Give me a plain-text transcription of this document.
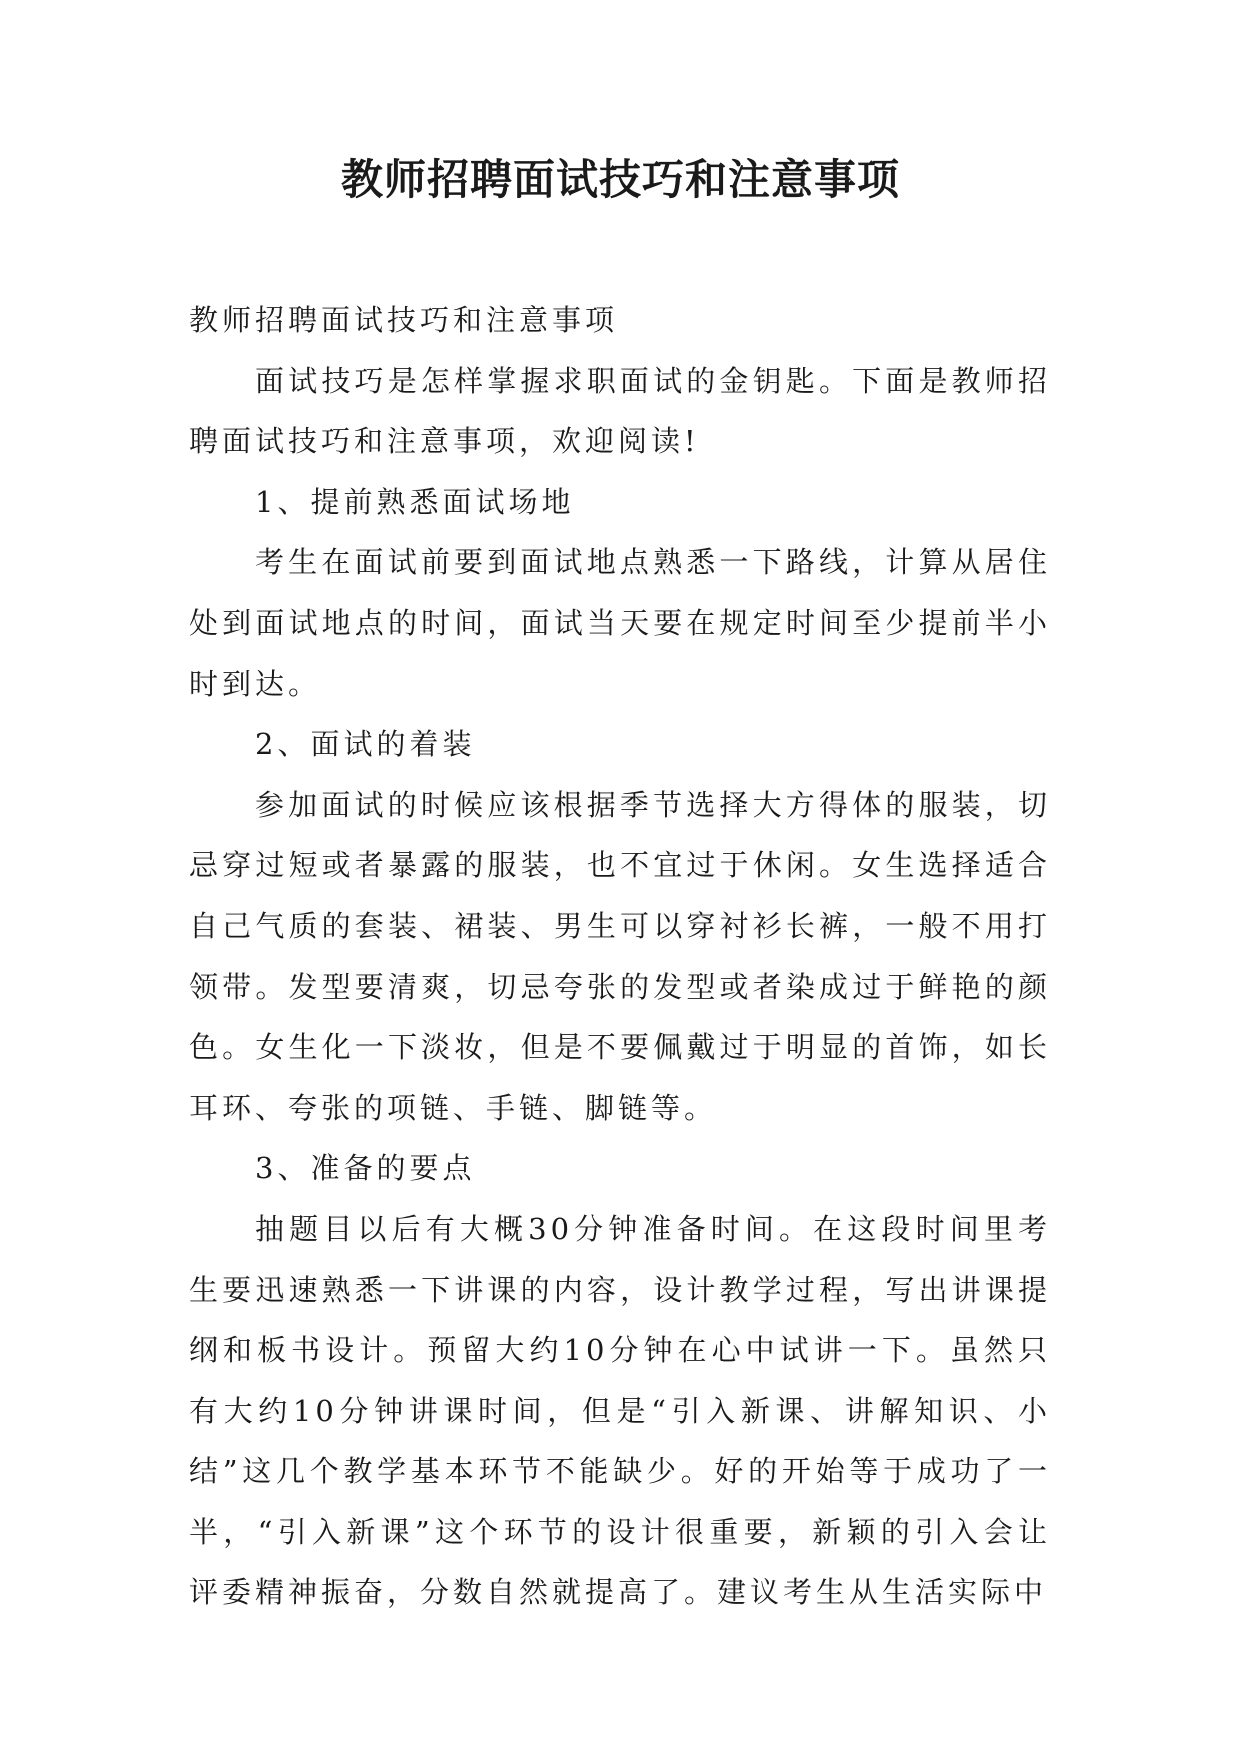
教师招聘面试技巧和注意事项

教师招聘面试技巧和注意事项

面试技巧是怎样掌握求职面试的金钥匙。下面是教师招聘面试技巧和注意事项，欢迎阅读!

1、提前熟悉面试场地

考生在面试前要到面试地点熟悉一下路线，计算从居住处到面试地点的时间，面试当天要在规定时间至少提前半小时到达。

2、面试的着装

参加面试的时候应该根据季节选择大方得体的服装，切忌穿过短或者暴露的服装，也不宜过于休闲。女生选择适合自己气质的套装、裙装、男生可以穿衬衫长裤，一般不用打领带。发型要清爽，切忌夸张的发型或者染成过于鲜艳的颜色。女生化一下淡妆，但是不要佩戴过于明显的首饰，如长耳环、夸张的项链、手链、脚链等。

3、准备的要点

抽题目以后有大概30分钟准备时间。在这段时间里考生要迅速熟悉一下讲课的内容，设计教学过程，写出讲课提纲和板书设计。预留大约10分钟在心中试讲一下。虽然只有大约10分钟讲课时间，但是“引入新课、讲解知识、小结”这几个教学基本环节不能缺少。好的开始等于成功了一半，“引入新课”这个环节的设计很重要，新颖的引入会让评委精神振奋，分数自然就提高了。建议考生从生活实际中
